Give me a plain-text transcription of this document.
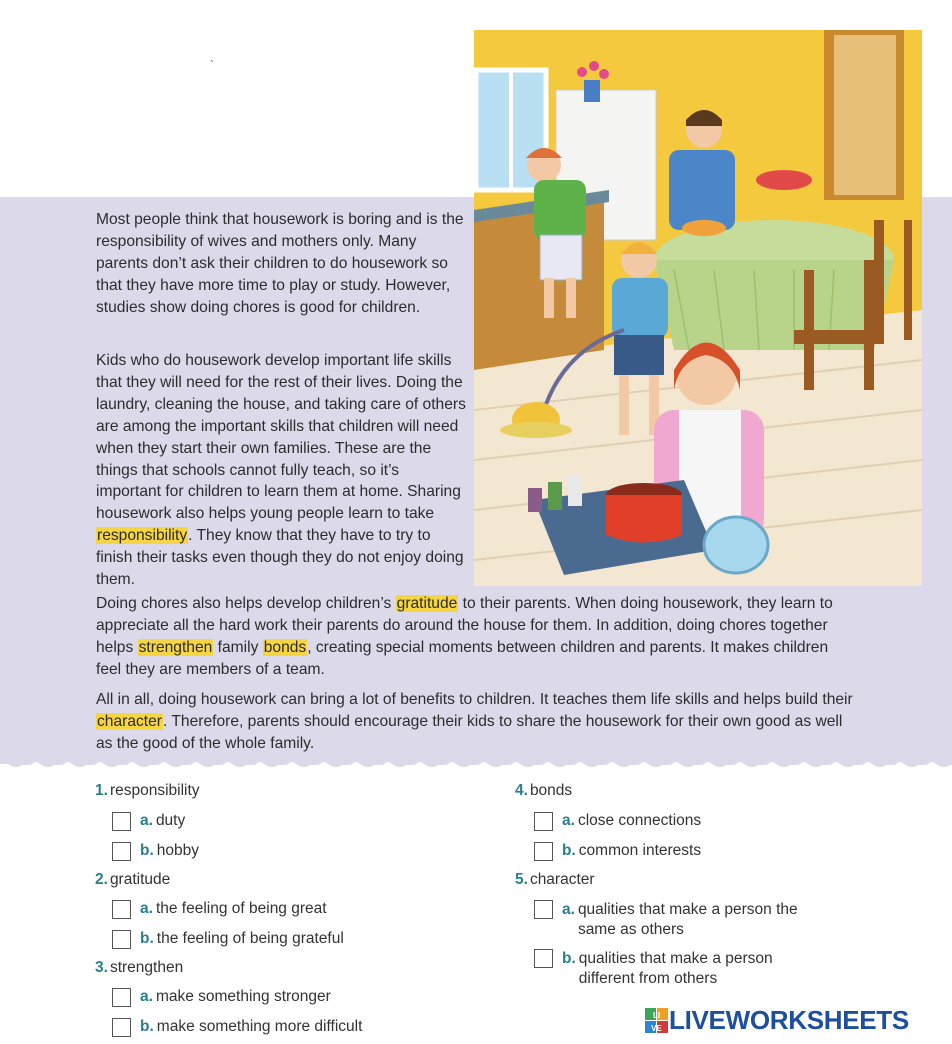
`

Most people think that housework is boring and is the responsibility of wives and mothers only. Many parents don’t ask their children to do housework so that they have more time to play or study. However, studies show doing chores is good for children.

Kids who do housework develop important life skills that they will need for the rest of their lives. Doing the laundry, cleaning the house, and taking care of others are among the important skills that children will need when they start their own families. These are the things that schools cannot fully teach, so it’s important for children to learn them at home. Sharing housework also helps young people learn to take responsibility. They know that they have to try to finish their tasks even though they do not enjoy doing them.

Doing chores also helps develop children’s gratitude to their parents. When doing housework, they learn to appreciate all the hard work their parents do around the house for them. In addition, doing chores together helps strengthen family bonds, creating special moments between children and parents. It makes children feel they are members of a team.

All in all, doing housework can bring a lot of benefits to children. It teaches them life skills and helps build their character. Therefore, parents should encourage their kids to share the housework for their own good as well as the good of the whole family.

1. responsibility
a. duty
b. hobby
2. gratitude
a. the feeling of being great
b. the feeling of being grateful
3. strengthen
a. make something stronger
b. make something more difficult
4. bonds
a. close connections
b. common interests
5. character
a. qualities that make a person the same as others
b. qualities that make a person different from others
LI
VE LIVEWORKSHEETS
